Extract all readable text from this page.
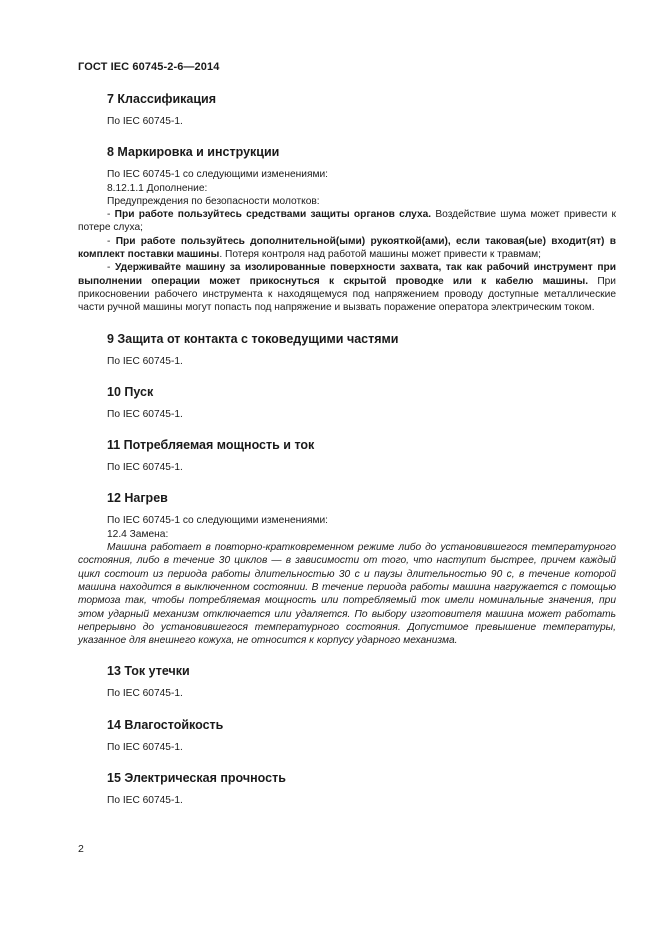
ГОСТ IEC 60745-2-6—2014
7 Классификация

По IEC 60745-1.

8 Маркировка и инструкции

По IEC 60745-1 со следующими изменениями:

8.12.1.1 Дополнение:

Предупреждения по безопасности молотков:

- При работе пользуйтесь средствами защиты органов слуха. Воздействие шума может привести к потере слуха;

- При работе пользуйтесь дополнительной(ыми) рукояткой(ами), если таковая(ые) входит(ят) в комплект поставки машины. Потеря контроля над работой машины может привести к травмам;

- Удерживайте машину за изолированные поверхности захвата, так как рабочий инструмент при выполнении операции может прикоснуться к скрытой проводке или к кабелю машины. При прикосновении рабочего инструмента к находящемуся под напряжением проводу доступные металлические части ручной машины могут попасть под напряжение и вызвать поражение оператора электрическим током.

9 Защита от контакта с токоведущими частями

По IEC 60745-1.

10 Пуск

По IEC 60745-1.

11 Потребляемая мощность и ток

По IEC 60745-1.

12 Нагрев

По IEC 60745-1 со следующими изменениями:

12.4 Замена:

Машина работает в повторно-кратковременном режиме либо до установившегося температурного состояния, либо в течение 30 циклов — в зависимости от того, что наступит быстрее, причем каждый цикл состоит из периода работы длительностью 30 с и паузы длительностью 90 с, в течение которой машина находится в выключенном состоянии. В течение периода работы машина нагружается с помощью тормоза так, чтобы потребляемая мощность или потребляемый ток имели номинальные значения, при этом ударный механизм отключается или удаляется. По выбору изготовителя машина может работать непрерывно до установившегося температурного состояния. Допустимое превышение температуры, указанное для внешнего кожуха, не относится к корпусу ударного механизма.

13 Ток утечки

По IEC 60745-1.

14 Влагостойкость

По IEC 60745-1.

15 Электрическая прочность

По IEC 60745-1.

2
